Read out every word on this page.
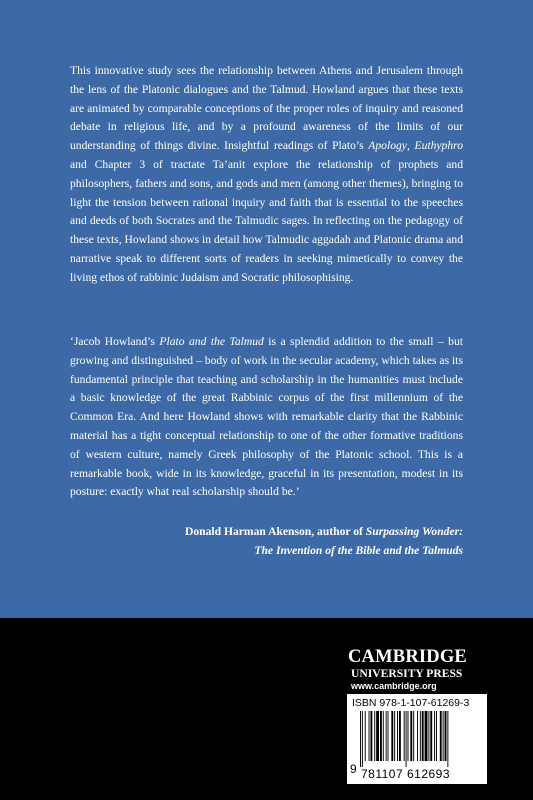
This innovative study sees the relationship between Athens and Jerusalem through the lens of the Platonic dialogues and the Talmud. Howland argues that these texts are animated by comparable conceptions of the proper roles of inquiry and reasoned debate in religious life, and by a profound awareness of the limits of our understanding of things divine. Insightful readings of Plato’s Apology, Euthyphro and Chapter 3 of tractate Ta’anit explore the relationship of prophets and philosophers, fathers and sons, and gods and men (among other themes), bringing to light the tension between rational inquiry and faith that is essential to the speeches and deeds of both Socrates and the Talmudic sages. In reflecting on the pedagogy of these texts, Howland shows in detail how Talmudic aggadah and Platonic drama and narrative speak to different sorts of readers in seeking mimetically to convey the living ethos of rabbinic Judaism and Socratic philosophising.

‘Jacob Howland’s Plato and the Talmud is a splendid addition to the small – but growing and distinguished – body of work in the secular academy, which takes as its fundamental principle that teaching and scholarship in the humanities must include a basic knowledge of the great Rabbinic corpus of the first millennium of the Common Era. And here Howland shows with remarkable clarity that the Rabbinic material has a tight conceptual relationship to one of the other formative traditions of western culture, namely Greek philosophy of the Platonic school. This is a remarkable book, wide in its knowledge, graceful in its presentation, modest in its posture: exactly what real scholarship should be.’

Donald Harman Akenson, author of Surpassing Wonder:
The Invention of the Bible and the Talmuds
CAMBRIDGE
UNIVERSITY PRESS
www.cambridge.org
ISBN 978-1-107-61269-3
9 781107 612693
